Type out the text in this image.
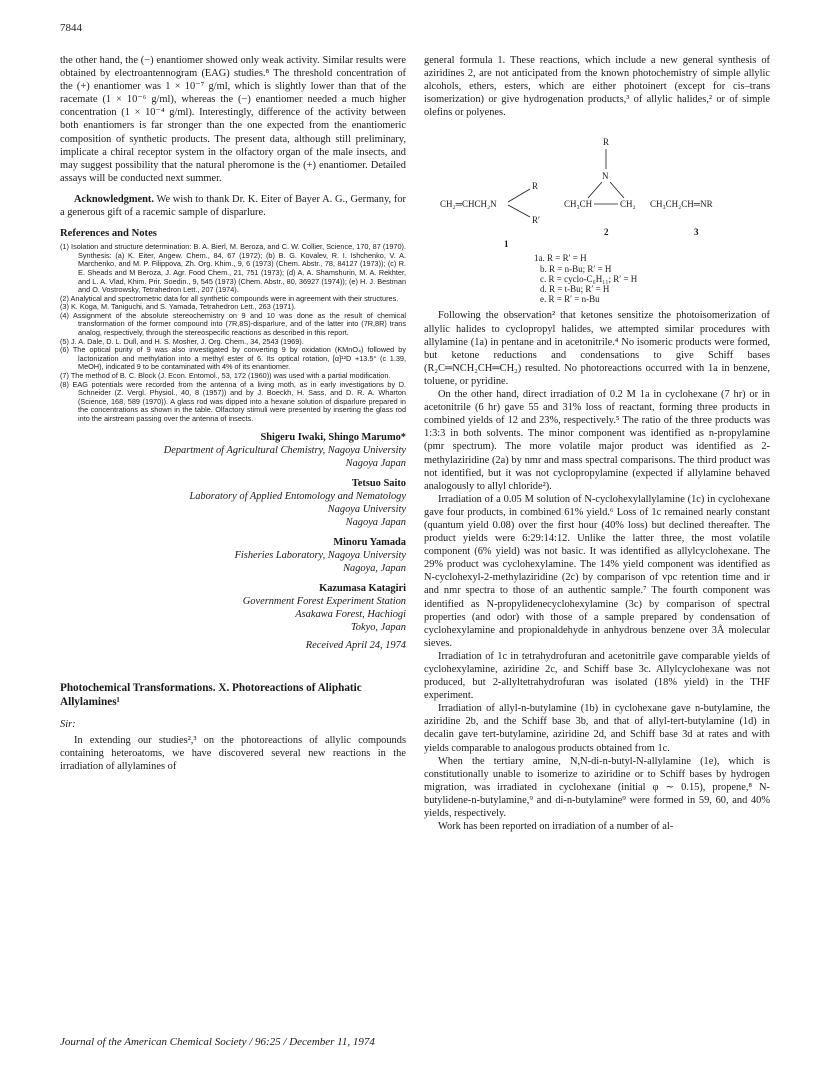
7844

the other hand, the (−) enantiomer showed only weak activity. Similar results were obtained by electroantennogram (EAG) studies.⁸ The threshold concentration of the (+) enantiomer was 1 × 10⁻⁷ g/ml, which is slightly lower than that of the racemate (1 × 10⁻⁶ g/ml), whereas the (−) enantiomer needed a much higher concentration (1 × 10⁻⁴ g/ml). Interestingly, difference of the activity between both enantiomers is far stronger than the one expected from the enantiomeric composition of synthetic products. The present data, although still preliminary, implicate a chiral receptor system in the olfactory organ of the male insects, and may suggest possibility that the natural pheromone is the (+) enantiomer. Detailed assays will be conducted next summer.

Acknowledgment. We wish to thank Dr. K. Eiter of Bayer A. G., Germany, for a generous gift of a racemic sample of disparlure.

References and Notes
(1) Isolation and structure determination: B. A. Bierl, M. Beroza, and C. W. Collier, Science, 170, 87 (1970). Synthesis: (a) K. Eiter, Angew. Chem., 84, 67 (1972); (b) B. G. Kovalev, R. I. Ishchenko, V. A. Marchenko, and M. P. Filippova, Zh. Org. Khim., 9, 6 (1973) (Chem. Abstr., 78, 84127 (1973)); (c) R. E. Sheads and M Beroza, J. Agr. Food Chem., 21, 751 (1973); (d) A. A. Shamshurin, M. A. Rekhter, and L. A. Vlad, Khim. Prir. Soedin., 9, 545 (1973) (Chem. Abstr., 80, 36927 (1974)); (e) H. J. Bestman and O. Vostrowsky, Tetrahedron Lett., 207 (1974).
(2) Analytical and spectrometric data for all synthetic compounds were in agreement with their structures.
(3) K. Koga, M. Taniguchi, and S. Yamada, Tetrahedron Lett., 263 (1971).
(4) Assignment of the absolute stereochemistry on 9 and 10 was done as the result of chemical transformation of the former compound into (7R,8S)-disparlure, and of the latter into (7R,8R) trans analog, respectively, through the stereospecific reactions as described in this report.
(5) J. A. Dale, D. L. Dull, and H. S. Mosher, J. Org. Chem., 34, 2543 (1969).
(6) The optical purity of 9 was also investigated by converting 9 by oxidation (KMnO₄) followed by lactonization and methylation into a methyl ester of 6. Its optical rotation, [α]¹²D +13.5° (c 1.39, MeOH), indicated 9 to be contaminated with 4% of its enantiomer.
(7) The method of B. C. Block (J. Econ. Entomol., 53, 172 (1960)) was used with a partial modification.
(8) EAG potentials were recorded from the antenna of a living moth, as in early investigations by D. Schneider (Z. Vergl. Physiol., 40, 8 (1957)) and by J. Boeckh, H. Sass, and D. R. A. Wharton (Science, 168, 589 (1970)). A glass rod was dipped into a hexane solution of disparlure prepared in the concentrations as shown in the table. Olfactory stimuli were presented by inserting the glass rod into the airstream passing over the antenna of insects.
Shigeru Iwaki, Shingo Marumo*
Department of Agricultural Chemistry, Nagoya University
Nagoya Japan
Tetsuo Saito
Laboratory of Applied Entomology and Nematology
Nagoya University
Nagoya Japan
Minoru Yamada
Fisheries Laboratory, Nagoya University
Nagoya, Japan
Kazumasa Katagiri
Government Forest Experiment Station
Asakawa Forest, Hachiogi
Tokyo, Japan
Received April 24, 1974
Photochemical Transformations. X. Photoreactions of Aliphatic Allylamines¹
Sir:

In extending our studies²,³ on the photoreactions of allylic compounds containing heteroatoms, we have discovered several new reactions in the irradiation of allylamines of

general formula 1. These reactions, which include a new general synthesis of aziridines 2, are not anticipated from the known photochemistry of simple allylic alcohols, ethers, esters, which are either photoinert (except for cis–trans isomerization) or give hydrogenation products,³ of allylic halides,² or of simple olefins or polyenes.

CH₂═CHCH₂N
R
R′
1
R
N
CH₃CH	CH₂
2
CH₃CH₂CH═NR
3
1a. R = R′ = H
b. R = n-Bu; R′ = H
c. R = cyclo-C₆H₁₁; R′ = H
d. R = t-Bu; R′ = H
e. R = R′ = n-Bu

Following the observation² that ketones sensitize the photoisomerization of allylic halides to cyclopropyl halides, we attempted similar procedures with allylamine (1a) in pentane and in acetonitrile.⁴ No isomeric products were formed, but ketone reductions and condensations to give Schiff bases (R₂C═NCH₂CH═CH₂) resulted. No photoreactions occurred with 1a in benzene, toluene, or pyridine.

On the other hand, direct irradiation of 0.2 M 1a in cyclohexane (7 hr) or in acetonitrile (6 hr) gave 55 and 31% loss of reactant, forming three products in combined yields of 12 and 23%, respectively.⁵ The ratio of the three products was 1:3:3 in both solvents. The minor component was identified as n-propylamine (pmr spectrum). The more volatile major product was identified as 2-methylaziridine (2a) by nmr and mass spectral comparisons. The third product was not identified, but it was not cyclopropylamine (expected if allylamine behaved analogously to allyl chloride²).

Irradiation of a 0.05 M solution of N-cyclohexylallylamine (1c) in cyclohexane gave four products, in combined 61% yield.⁶ Loss of 1c remained nearly constant (quantum yield 0.08) over the first hour (40% loss) but declined thereafter. The product yields were 6:29:14:12. Unlike the latter three, the most volatile component (6% yield) was not basic. It was identified as allylcyclohexane. The 29% product was cyclohexylamine. The 14% yield component was identified as N-cyclohexyl-2-methylaziridine (2c) by comparison of vpc retention time and ir and nmr spectra to those of an authentic sample.⁷ The fourth component was identified as N-propylidenecyclohexylamine (3c) by comparison of spectral properties (and odor) with those of a sample prepared by condensation of cyclohexylamine and propionaldehyde in anhydrous benzene over 3Å molecular sieves.

Irradiation of 1c in tetrahydrofuran and acetonitrile gave comparable yields of cyclohexylamine, aziridine 2c, and Schiff base 3c. Allylcyclohexane was not produced, but 2-allyltetrahydrofuran was isolated (18% yield) in the THF experiment.

Irradiation of allyl-n-butylamine (1b) in cyclohexane gave n-butylamine, the aziridine 2b, and the Schiff base 3b, and that of allyl-tert-butylamine (1d) in decalin gave tert-butylamine, aziridine 2d, and Schiff base 3d at rates and with yields comparable to analogous products obtained from 1c.

When the tertiary amine, N,N-di-n-butyl-N-allylamine (1e), which is constitutionally unable to isomerize to aziridine or to Schiff bases by hydrogen migration, was irradiated in cyclohexane (initial φ ∼ 0.15), propene,⁸ N-butylidene-n-butylamine,⁹ and di-n-butylamine⁹ were formed in 59, 60, and 40% yields, respectively.

Work has been reported on irradiation of a number of al-

Journal of the American Chemical Society / 96:25 / December 11, 1974
